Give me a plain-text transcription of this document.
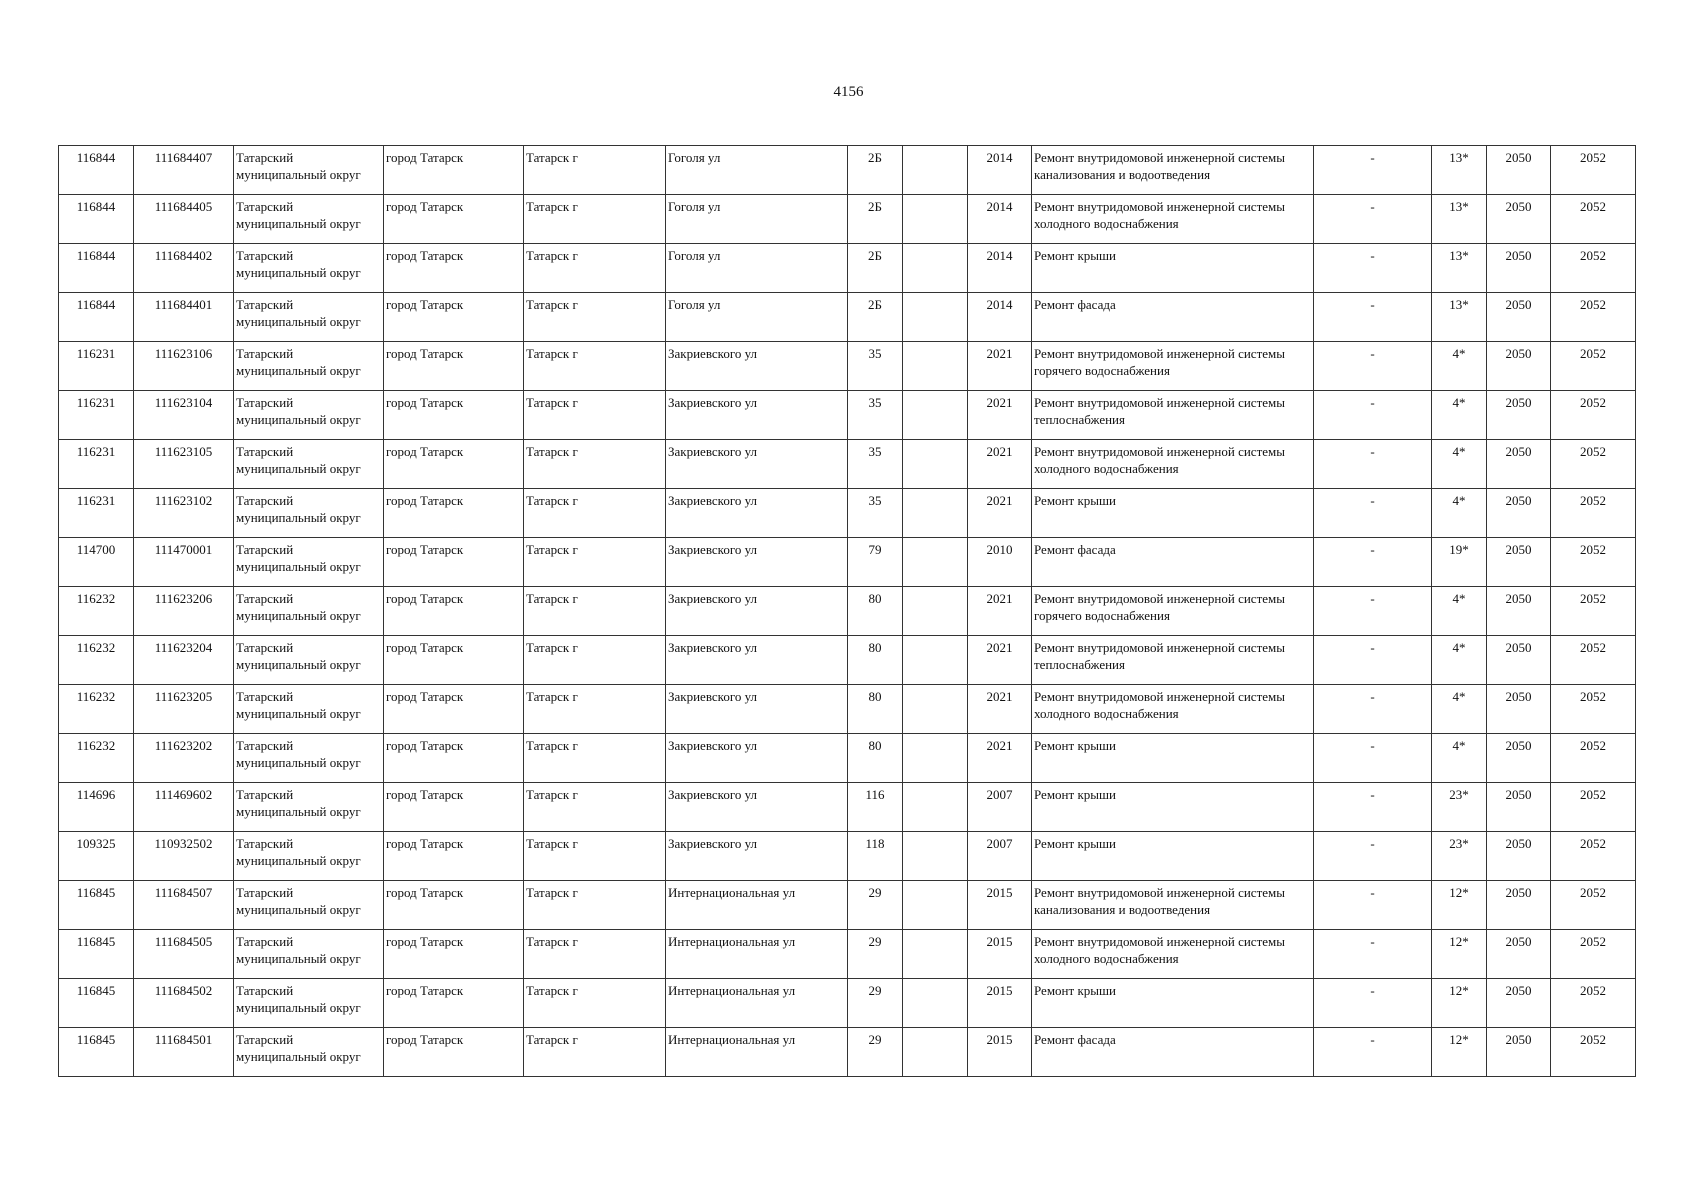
4156
116844	111684407	Татарский муниципальный округ	город Татарск	Татарск г	Гоголя ул	2Б		2014	Ремонт внутридомовой инженерной системы канализования и водоотведения	-	13*	2050	2052
116844	111684405	Татарский муниципальный округ	город Татарск	Татарск г	Гоголя ул	2Б		2014	Ремонт внутридомовой инженерной системы холодного водоснабжения	-	13*	2050	2052
116844	111684402	Татарский муниципальный округ	город Татарск	Татарск г	Гоголя ул	2Б		2014	Ремонт крыши	-	13*	2050	2052
116844	111684401	Татарский муниципальный округ	город Татарск	Татарск г	Гоголя ул	2Б		2014	Ремонт фасада	-	13*	2050	2052
116231	111623106	Татарский муниципальный округ	город Татарск	Татарск г	Закриевского ул	35		2021	Ремонт внутридомовой инженерной системы горячего водоснабжения	-	4*	2050	2052
116231	111623104	Татарский муниципальный округ	город Татарск	Татарск г	Закриевского ул	35		2021	Ремонт внутридомовой инженерной системы теплоснабжения	-	4*	2050	2052
116231	111623105	Татарский муниципальный округ	город Татарск	Татарск г	Закриевского ул	35		2021	Ремонт внутридомовой инженерной системы холодного водоснабжения	-	4*	2050	2052
116231	111623102	Татарский муниципальный округ	город Татарск	Татарск г	Закриевского ул	35		2021	Ремонт крыши	-	4*	2050	2052
114700	111470001	Татарский муниципальный округ	город Татарск	Татарск г	Закриевского ул	79		2010	Ремонт фасада	-	19*	2050	2052
116232	111623206	Татарский муниципальный округ	город Татарск	Татарск г	Закриевского ул	80		2021	Ремонт внутридомовой инженерной системы горячего водоснабжения	-	4*	2050	2052
116232	111623204	Татарский муниципальный округ	город Татарск	Татарск г	Закриевского ул	80		2021	Ремонт внутридомовой инженерной системы теплоснабжения	-	4*	2050	2052
116232	111623205	Татарский муниципальный округ	город Татарск	Татарск г	Закриевского ул	80		2021	Ремонт внутридомовой инженерной системы холодного водоснабжения	-	4*	2050	2052
116232	111623202	Татарский муниципальный округ	город Татарск	Татарск г	Закриевского ул	80		2021	Ремонт крыши	-	4*	2050	2052
114696	111469602	Татарский муниципальный округ	город Татарск	Татарск г	Закриевского ул	116		2007	Ремонт крыши	-	23*	2050	2052
109325	110932502	Татарский муниципальный округ	город Татарск	Татарск г	Закриевского ул	118		2007	Ремонт крыши	-	23*	2050	2052
116845	111684507	Татарский муниципальный округ	город Татарск	Татарск г	Интернациональная ул	29		2015	Ремонт внутридомовой инженерной системы канализования и водоотведения	-	12*	2050	2052
116845	111684505	Татарский муниципальный округ	город Татарск	Татарск г	Интернациональная ул	29		2015	Ремонт внутридомовой инженерной системы холодного водоснабжения	-	12*	2050	2052
116845	111684502	Татарский муниципальный округ	город Татарск	Татарск г	Интернациональная ул	29		2015	Ремонт крыши	-	12*	2050	2052
116845	111684501	Татарский муниципальный округ	город Татарск	Татарск г	Интернациональная ул	29		2015	Ремонт фасада	-	12*	2050	2052
